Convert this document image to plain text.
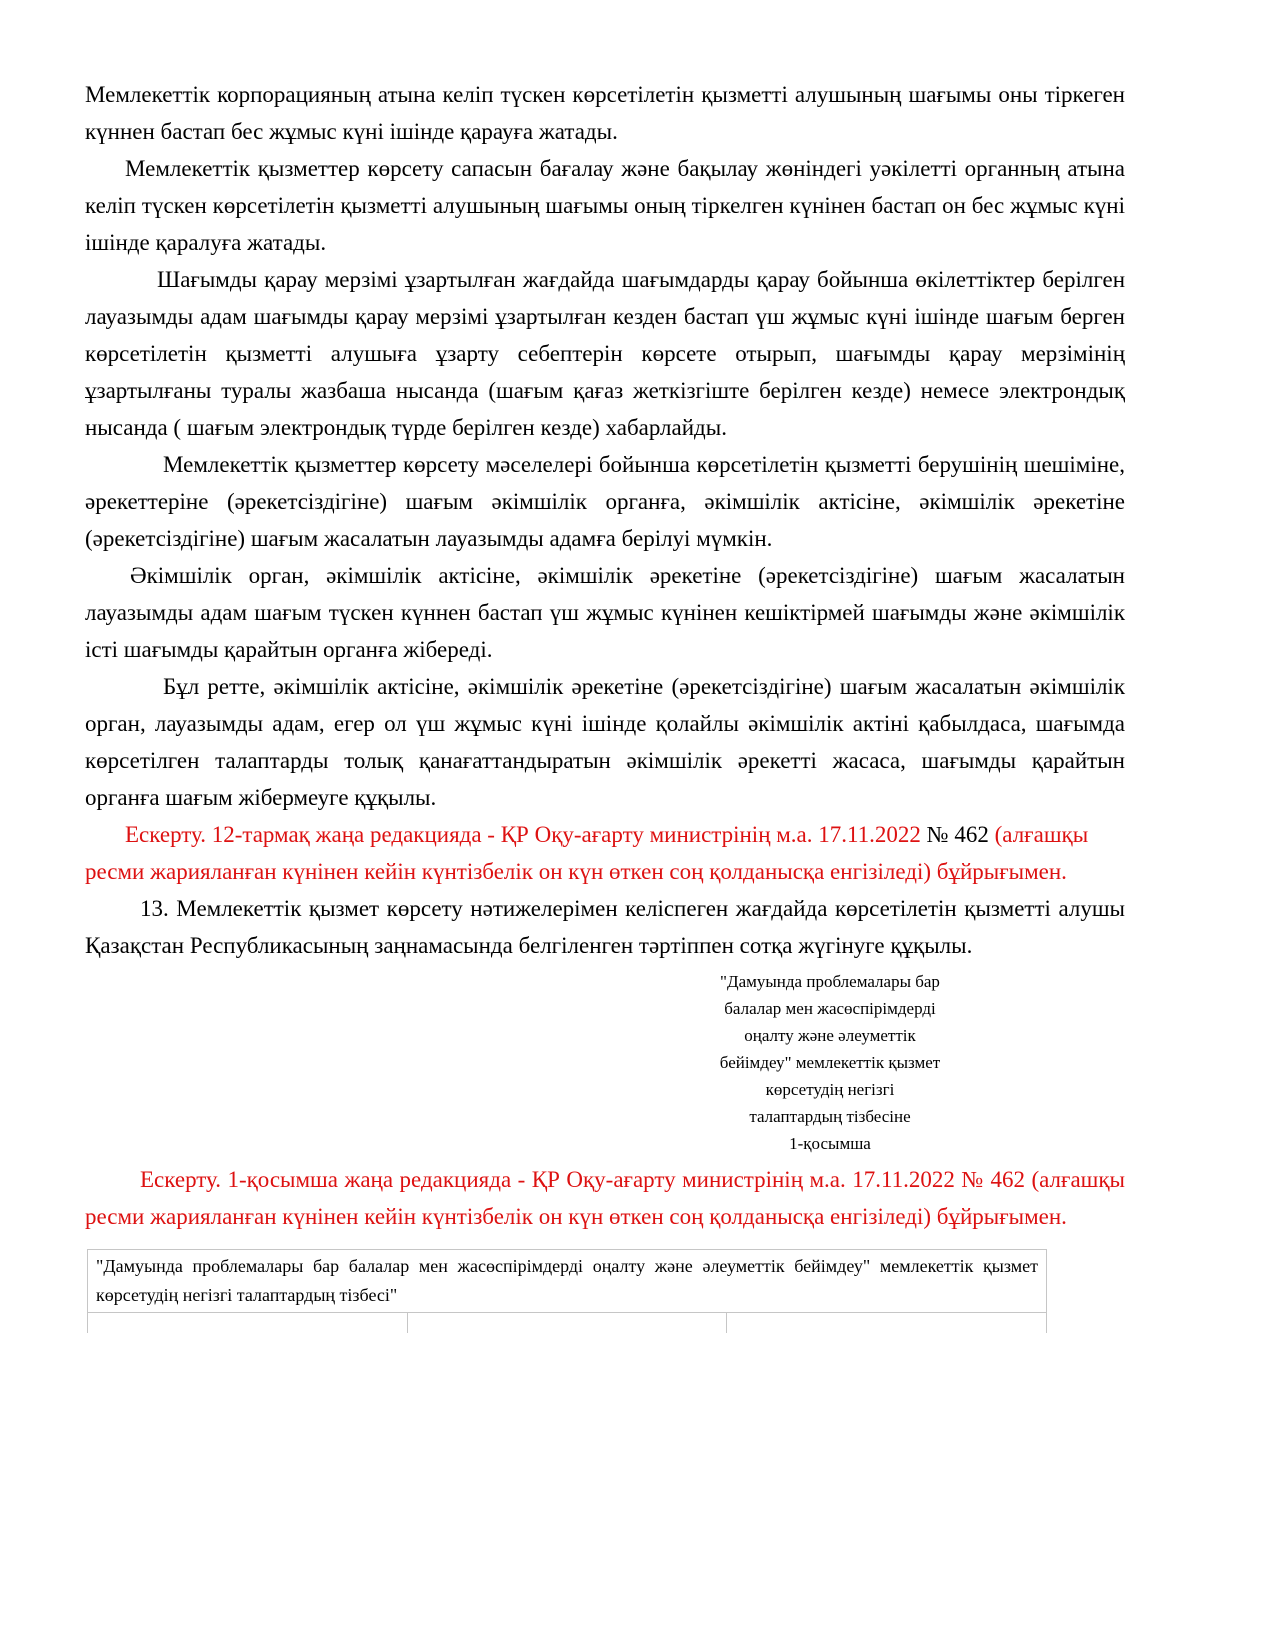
Мемлекеттік корпорацияның атына келіп түскен көрсетілетін қызметті алушының шағымы оны тіркеген күннен бастап бес жұмыс күні ішінде қарауға жатады.

Мемлекеттік қызметтер көрсету сапасын бағалау және бақылау жөніндегі уәкілетті органның атына келіп түскен көрсетілетін қызметті алушының шағымы оның тіркелген күнінен бастап он бес жұмыс күні ішінде қаралуға жатады.

Шағымды қарау мерзімі ұзартылған жағдайда шағымдарды қарау бойынша өкілеттіктер берілген лауазымды адам шағымды қарау мерзімі ұзартылған кезден бастап үш жұмыс күні ішінде шағым берген көрсетілетін қызметті алушыға ұзарту себептерін көрсете отырып, шағымды қарау мерзімінің ұзартылғаны туралы жазбаша нысанда (шағым қағаз жеткізгіште берілген кезде) немесе электрондық нысанда ( шағым электрондық түрде берілген кезде) хабарлайды.

Мемлекеттік қызметтер көрсету мәселелері бойынша көрсетілетін қызметті берушінің шешіміне, әрекеттеріне (әрекетсіздігіне) шағым әкімшілік органға, әкімшілік актісіне, әкімшілік әрекетіне (әрекетсіздігіне) шағым жасалатын лауазымды адамға берілуі мүмкін.

Әкімшілік орган, әкімшілік актісіне, әкімшілік әрекетіне (әрекетсіздігіне) шағым жасалатын лауазымды адам шағым түскен күннен бастап үш жұмыс күнінен кешіктірмей шағымды және әкімшілік істі шағымды қарайтын органға жібереді.

Бұл ретте, әкімшілік актісіне, әкімшілік әрекетіне (әрекетсіздігіне) шағым жасалатын әкімшілік орган, лауазымды адам, егер ол үш жұмыс күні ішінде қолайлы әкімшілік актіні қабылдаса, шағымда көрсетілген талаптарды толық қанағаттандыратын әкімшілік әрекетті жасаса, шағымды қарайтын органға шағым жібермеуге құқылы.

Ескерту. 12-тармақ жаңа редакцияда - ҚР Оқу-ағарту министрінің м.а. 17.11.2022 № 462 (алғашқы ресми жарияланған күнінен кейін күнтізбелік он күн өткен соң қолданысқа енгізіледі) бұйрығымен.

13. Мемлекеттік қызмет көрсету нәтижелерімен келіспеген жағдайда көрсетілетін қызметті алушы Қазақстан Республикасының заңнамасында белгіленген тәртіппен сотқа жүгінуге құқылы.

"Дамуында проблемалары бар
балалар мен жасөспірімдерді
оңалту және әлеуметтік
бейімдеу" мемлекеттік қызмет
көрсетудің негізгі
талаптардың тізбесіне
1-қосымша

Ескерту. 1-қосымша жаңа редакцияда - ҚР Оқу-ағарту министрінің м.а. 17.11.2022 № 462 (алғашқы ресми жарияланған күнінен кейін күнтізбелік он күн өткен соң қолданысқа енгізіледі) бұйрығымен.

"Дамуында проблемалары бар балалар мен жасөспірімдерді оңалту және әлеуметтік бейімдеу" мемлекеттік қызмет көрсетудің негізгі талаптардың тізбесі"
